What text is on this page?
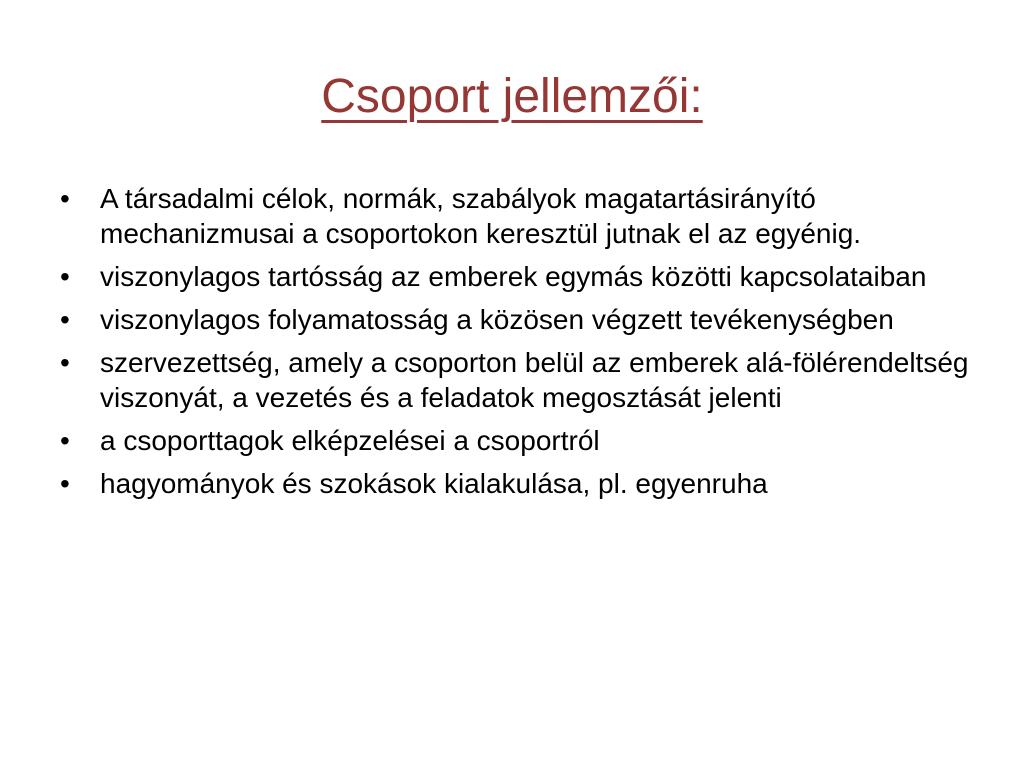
Csoport jellemzői:
•	A társadalmi célok, normák, szabályok magatartásirányító mechanizmusai a csoportokon keresztül jutnak el az egyénig.
•	viszonylagos tartósság az emberek egymás közötti kapcsolataiban
•	viszonylagos folyamatosság a közösen végzett tevékenységben
•	szervezettség, amely a csoporton belül az emberek alá-fölérendeltség viszonyát, a vezetés és a feladatok megosztását jelenti
•	a csoporttagok elképzelései a csoportról
•	hagyományok és szokások kialakulása, pl. egyenruha
